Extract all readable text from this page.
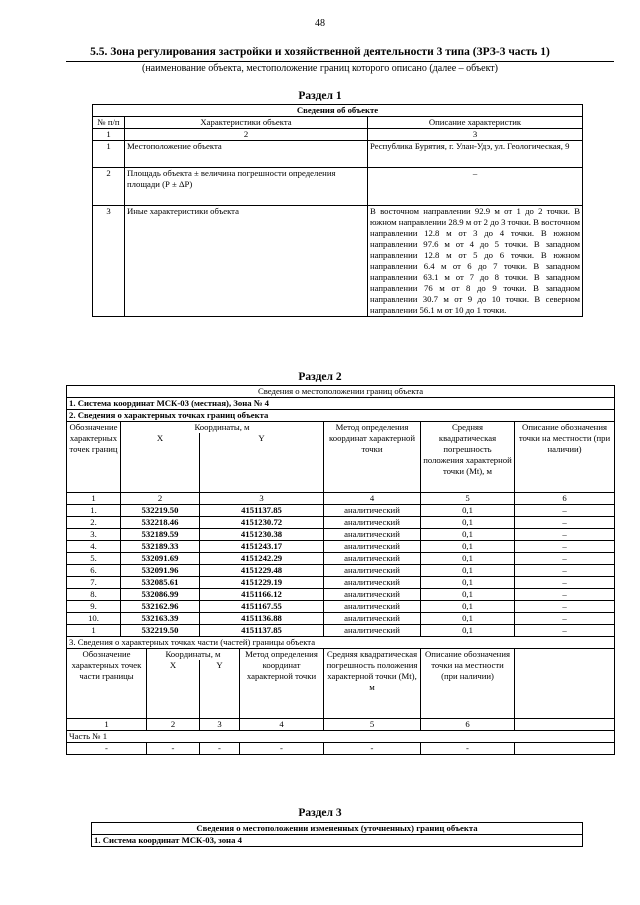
48
5.5. Зона регулирования застройки и хозяйственной деятельности 3 типа (ЗРЗ-3 часть 1)
(наименование объекта, местоположение границ которого описано (далее – объект)
Раздел 1
Сведения об объекте		
№ п/п	Характеристики объекта	Описание характеристик
1	2	3
1	Местоположение объекта	Республика Бурятия, г. Улан-Удэ, ул. Геологическая, 9
2	Площадь объекта ± величина погрешности определения площади (Р ± ΔР)	–
3	Иные характеристики объекта	В восточном направлении 92.9 м от 1 до 2 точки. В южном направлении 28.9 м от 2 до 3 точки. В восточном направлении 12.8 м от 3 до 4 точки. В южном направлении 97.6 м от 4 до 5 точки. В западном направлении 12.8 м от 5 до 6 точки. В южном направлении 6.4 м от 6 до 7 точки. В западном направлении 63.1 м от 7 до 8 точки. В западном направлении 76 м от 8 до 9 точки. В западном направлении 30.7 м от 9 до 10 точки. В северном направлении 56.1 м от 10 до 1 точки.
Раздел 2
Сведения о местоположении границ объекта							
1. Система координат МСК-03 (местная), Зона № 4							
2. Сведения о характерных точках границ объекта							
Обозначение характерных точек границ	Координаты, м				Метод определения координат характерной точки	Средняя квадратическая погрешность положения характерной точки (Mt), м	Описание обозначения точки на местности (при наличии)
	X		Y				
1	2		3		4	5	6
1.	532219.50		4151137.85		аналитический	0,1	–
2.	532218.46		4151230.72		аналитический	0,1	–
3.	532189.59		4151230.38		аналитический	0,1	–
4.	532189.33		4151243.17		аналитический	0,1	–
5.	532091.69		4151242.29		аналитический	0,1	–
6.	532091.96		4151229.48		аналитический	0,1	–
7.	532085.61		4151229.19		аналитический	0,1	–
8.	532086.99		4151166.12		аналитический	0,1	–
9.	532162.96		4151167.55		аналитический	0,1	–
10.	532163.39		4151136.88		аналитический	0,1	–
1	532219.50		4151137.85		аналитический	0,1	–
3. Сведения о характерных точках части (частей) границы объекта							
Обозначение характерных точек части границы		Координаты, м		Метод определения координат характерной точки	Средняя квадратическая погрешность положения характерной точки (Mt), м	Описание обозначения точки на местности (при наличии)	
		X	Y				
1		2	3	4	5	6	
Часть № 1							
-		-	-	-	-	-	
Раздел 3
Сведения о местоположении измененных (уточненных) границ объекта
1. Система координат МСК-03, зона 4
